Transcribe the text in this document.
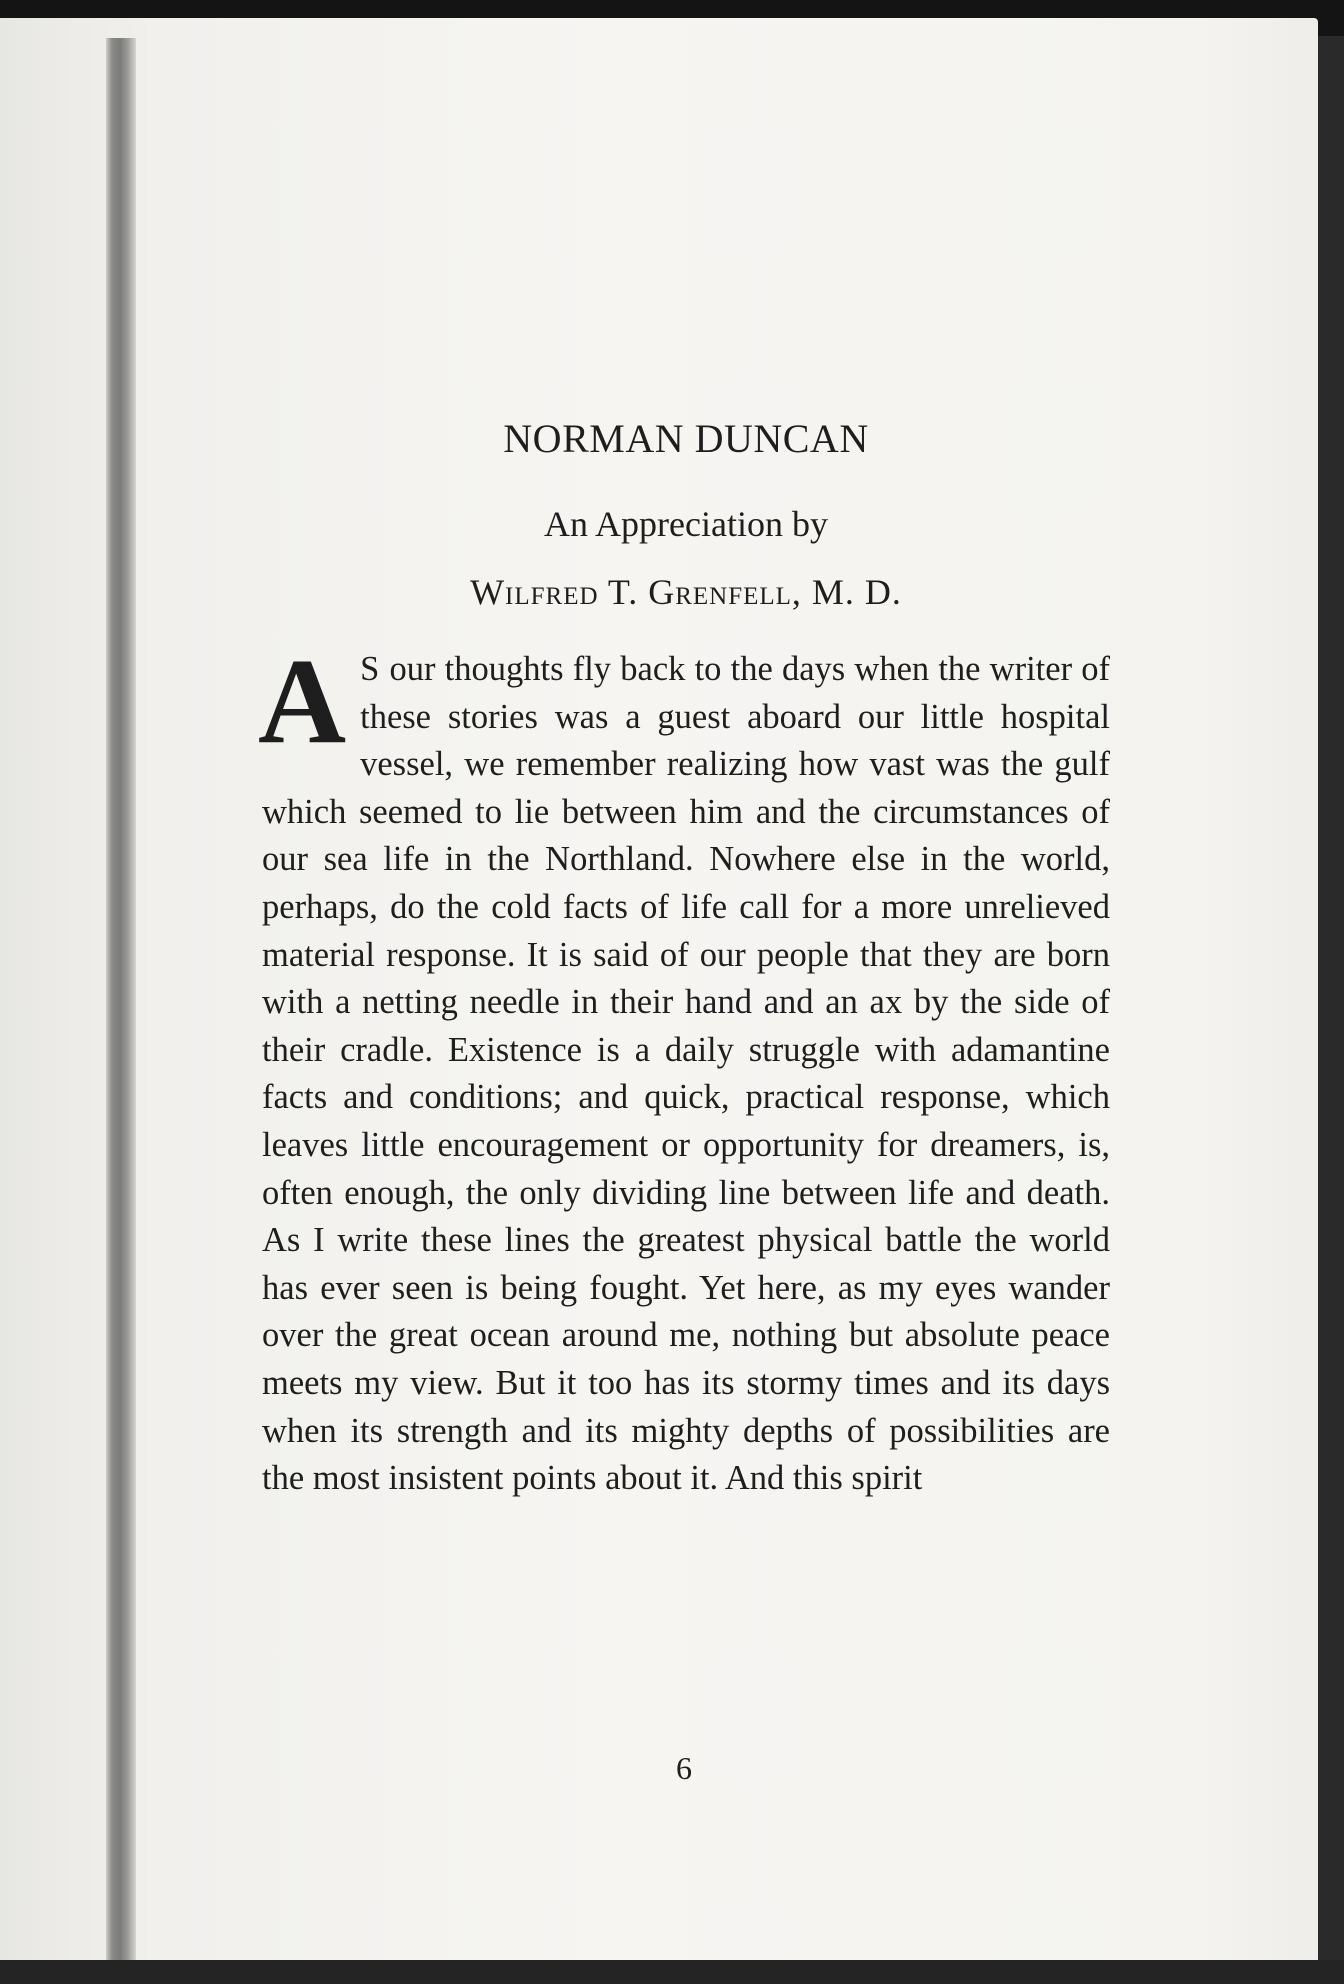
NORMAN DUNCAN
An Appreciation by
Wilfred T. Grenfell, M. D.
A S our thoughts fly back to the days when the writer of these stories was a guest aboard our little hospital vessel, we remember realizing how vast was the gulf which seemed to lie between him and the circumstances of our sea life in the Northland. Nowhere else in the world, perhaps, do the cold facts of life call for a more unrelieved material response. It is said of our people that they are born with a netting needle in their hand and an ax by the side of their cradle. Existence is a daily struggle with adamantine facts and conditions; and quick, practical response, which leaves little encouragement or opportunity for dreamers, is, often enough, the only dividing line between life and death. As I write these lines the greatest physical battle the world has ever seen is being fought. Yet here, as my eyes wander over the great ocean around me, nothing but absolute peace meets my view. But it too has its stormy times and its days when its strength and its mighty depths of possibilities are the most insistent points about it. And this spirit
6
